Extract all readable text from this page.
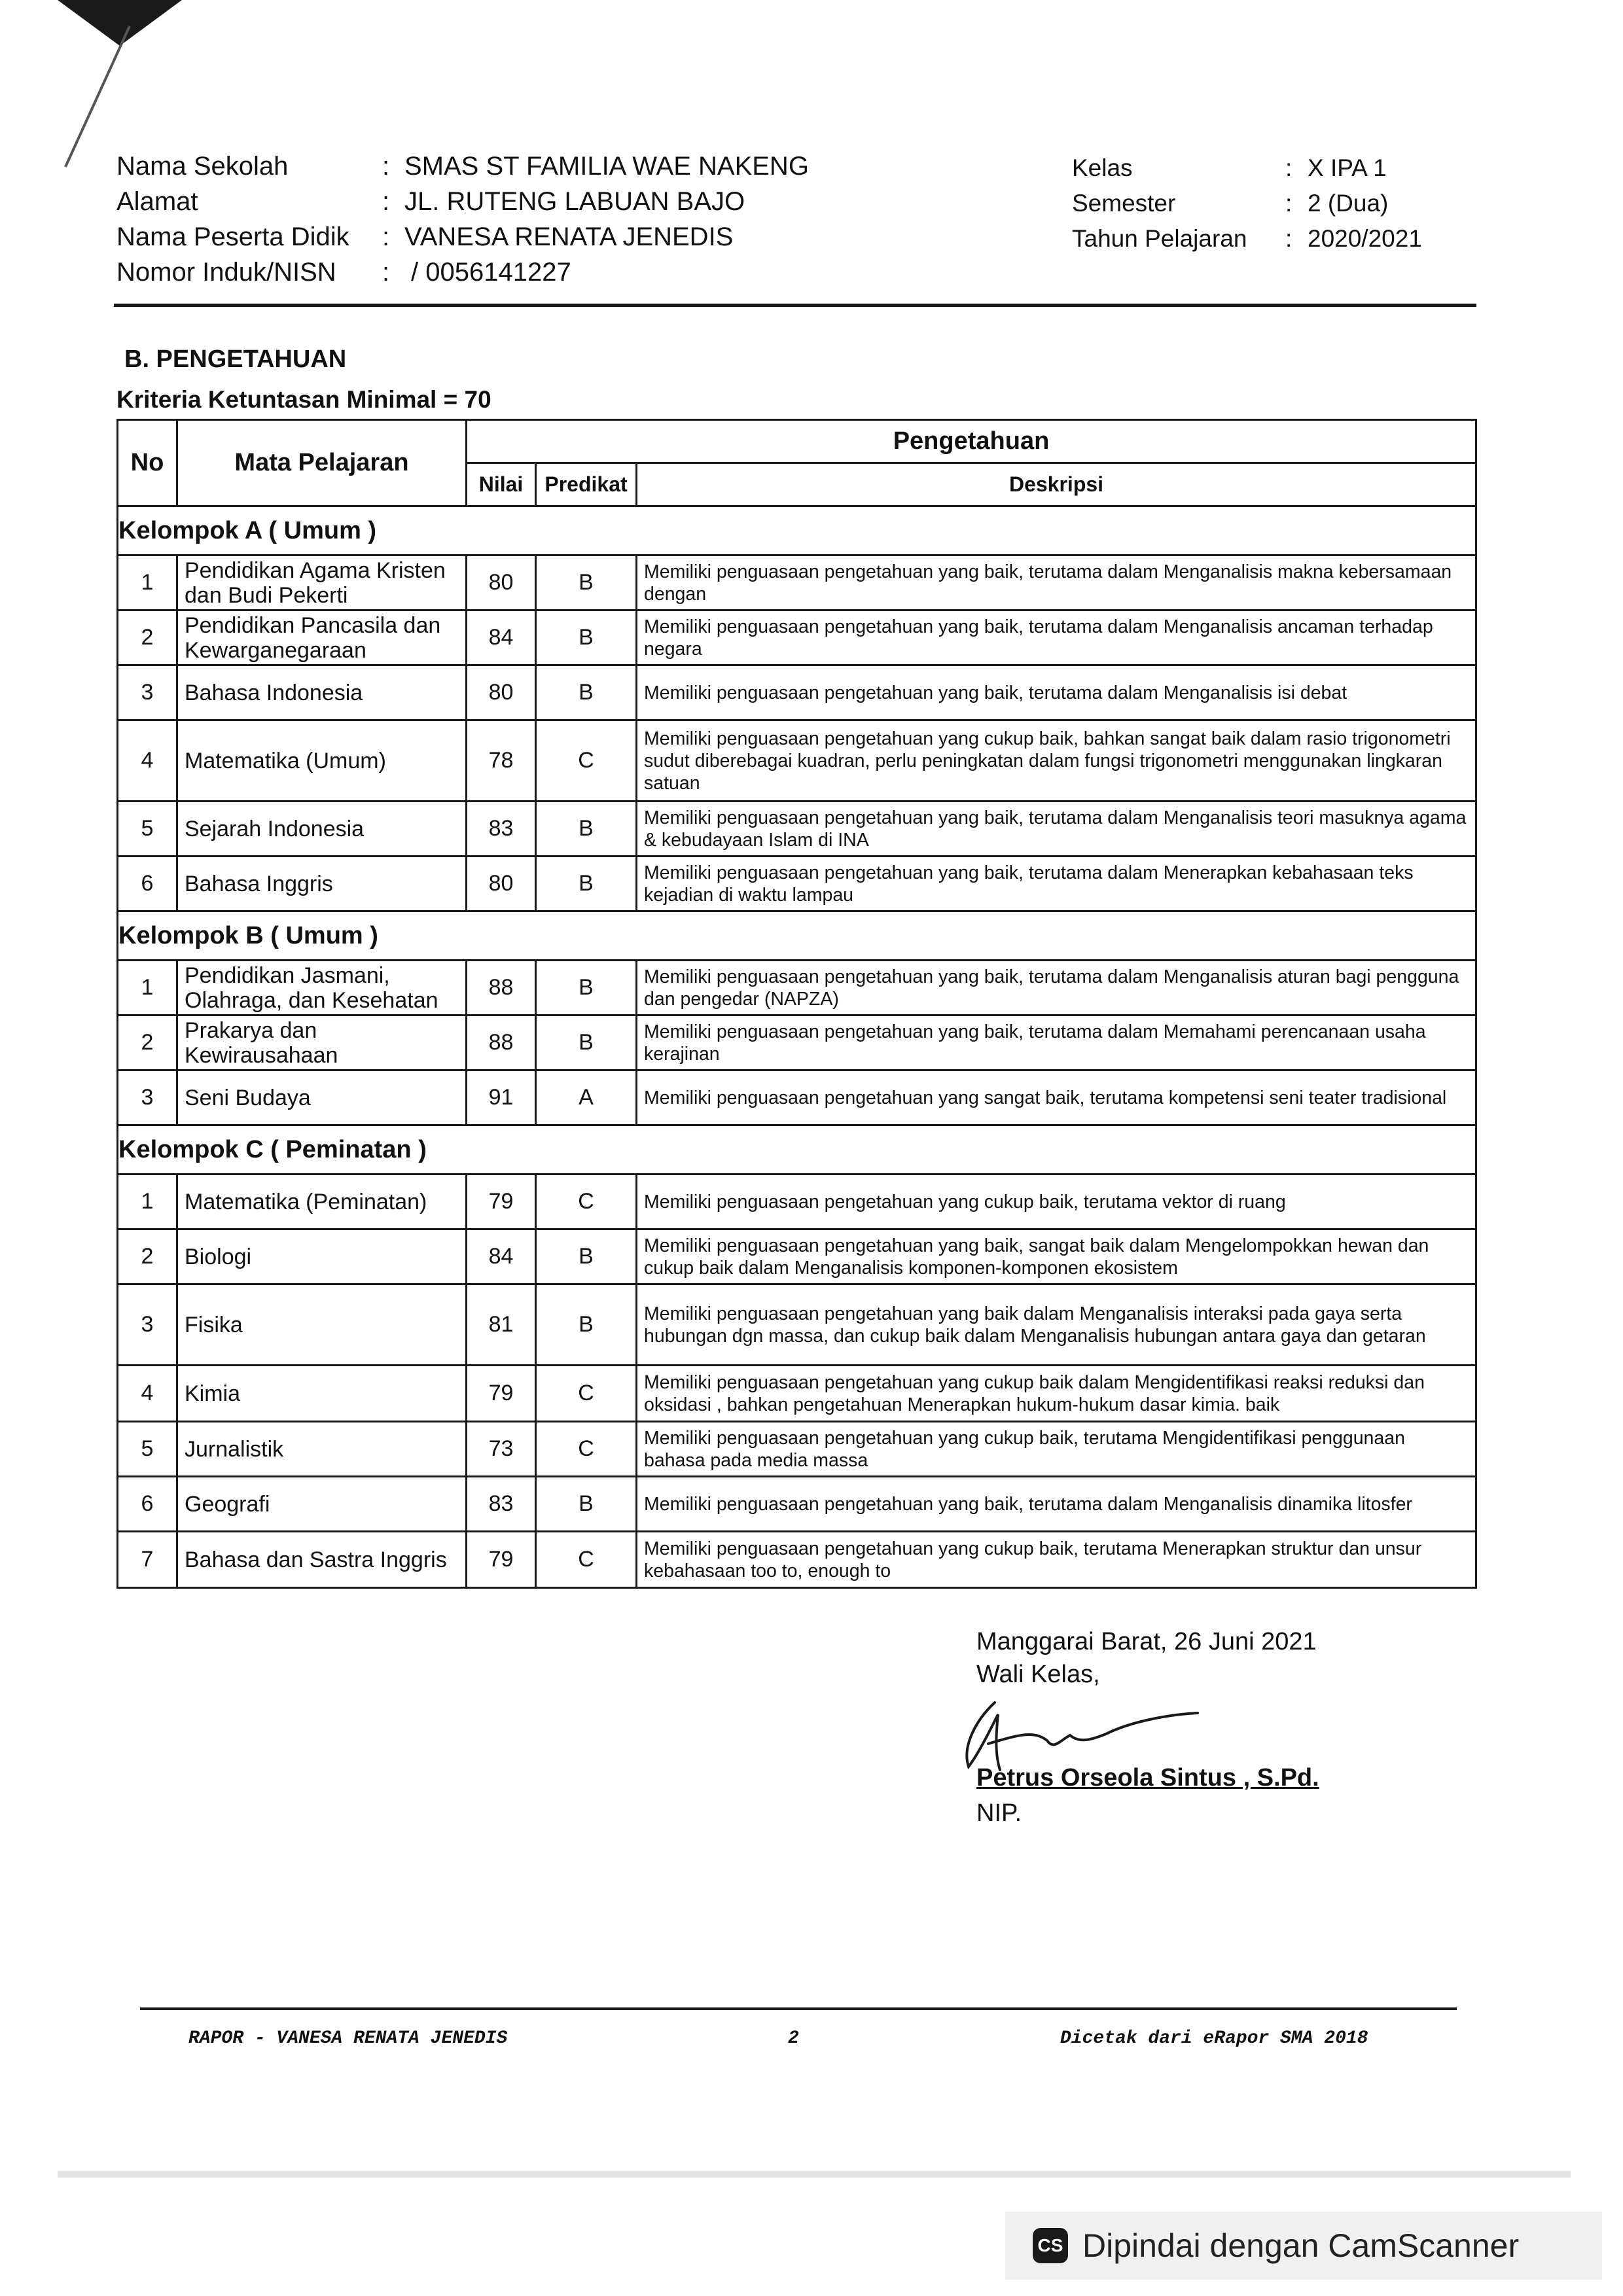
Nama Sekolah	: SMAS ST FAMILIA WAE NAKENG
Alamat	: JL. RUTENG LABUAN BAJO
Nama Peserta Didik : VANESA RENATA JENEDIS
Nomor Induk/NISN : / 0056141227
Kelas	: X IPA 1
Semester	: 2 (Dua)
Tahun Pelajaran : 2020/2021
B. PENGETAHUAN
Kriteria Ketuntasan Minimal = 70
No	Mata Pelajaran	Pengetahuan		
		Nilai	Predikat	Deskripsi
Kelompok A ( Umum )				
1	Pendidikan Agama Kristen dan Budi Pekerti	80	B	Memiliki penguasaan pengetahuan yang baik, terutama dalam Menganalisis makna kebersamaan dengan
2	Pendidikan Pancasila dan Kewarganegaraan	84	B	Memiliki penguasaan pengetahuan yang baik, terutama dalam Menganalisis ancaman terhadap negara
3	Bahasa Indonesia	80	B	Memiliki penguasaan pengetahuan yang baik, terutama dalam Menganalisis isi debat
4	Matematika (Umum)	78	C	Memiliki penguasaan pengetahuan yang cukup baik, bahkan sangat baik dalam rasio trigonometri sudut diberebagai kuadran, perlu peningkatan dalam fungsi trigonometri menggunakan lingkaran satuan
5	Sejarah Indonesia	83	B	Memiliki penguasaan pengetahuan yang baik, terutama dalam Menganalisis teori masuknya agama & kebudayaan Islam di INA
6	Bahasa Inggris	80	B	Memiliki penguasaan pengetahuan yang baik, terutama dalam Menerapkan kebahasaan teks kejadian di waktu lampau
Kelompok B ( Umum )				
1	Pendidikan Jasmani, Olahraga, dan Kesehatan	88	B	Memiliki penguasaan pengetahuan yang baik, terutama dalam Menganalisis aturan bagi pengguna dan pengedar (NAPZA)
2	Prakarya dan Kewirausahaan	88	B	Memiliki penguasaan pengetahuan yang baik, terutama dalam Memahami perencanaan usaha kerajinan
3	Seni Budaya	91	A	Memiliki penguasaan pengetahuan yang sangat baik, terutama kompetensi seni teater tradisional
Kelompok C ( Peminatan )				
1	Matematika (Peminatan)	79	C	Memiliki penguasaan pengetahuan yang cukup baik, terutama vektor di ruang
2	Biologi	84	B	Memiliki penguasaan pengetahuan yang baik, sangat baik dalam Mengelompokkan hewan dan cukup baik dalam Menganalisis komponen-komponen ekosistem
3	Fisika	81	B	Memiliki penguasaan pengetahuan yang baik dalam Menganalisis interaksi pada gaya serta hubungan dgn massa, dan cukup baik dalam Menganalisis hubungan antara gaya dan getaran
4	Kimia	79	C	Memiliki penguasaan pengetahuan yang cukup baik dalam Mengidentifikasi reaksi reduksi dan oksidasi , bahkan pengetahuan Menerapkan hukum-hukum dasar kimia. baik
5	Jurnalistik	73	C	Memiliki penguasaan pengetahuan yang cukup baik, terutama Mengidentifikasi penggunaan bahasa pada media massa
6	Geografi	83	B	Memiliki penguasaan pengetahuan yang baik, terutama dalam Menganalisis dinamika litosfer
7	Bahasa dan Sastra Inggris	79	C	Memiliki penguasaan pengetahuan yang cukup baik, terutama Menerapkan struktur dan unsur kebahasaan too to, enough to
Manggarai Barat, 26 Juni 2021
Wali Kelas,
Petrus Orseola Sintus , S.Pd.
NIP.
RAPOR - VANESA RENATA JENEDIS	2	Dicetak dari eRapor SMA 2018
CS Dipindai dengan CamScanner
